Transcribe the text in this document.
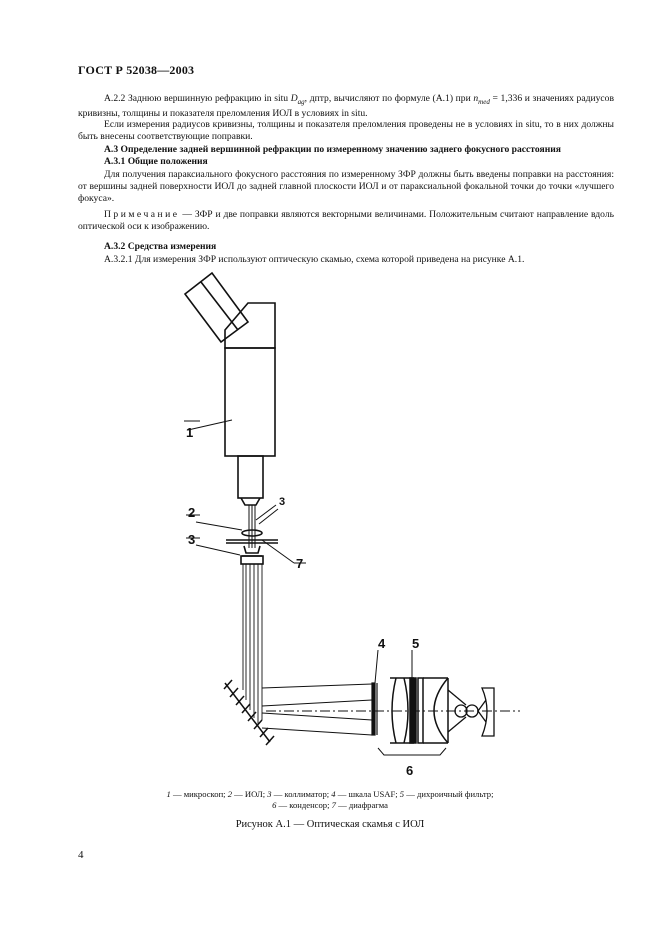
ГОСТ Р 52038—2003
А.2.2 Заднюю вершинную рефракцию in situ $D_{ag}$, дптр, вычисляют по формуле (А.1) при $n_{med} = 1,336$ и значениях радиусов кривизны, толщины и показателя преломления ИОЛ в условиях in situ.
Если измерения радиусов кривизны, толщины и показателя преломления проведены не в условиях in situ, то в них должны быть внесены соответствующие поправки.
А.3 Определение задней вершинной рефракции по измеренному значению заднего фокусного расстояния
А.3.1 Общие положения
Для получения параксиального фокусного расстояния по измеренному ЗФР должны быть введены поправки на расстояния: от вершины задней поверхности ИОЛ до задней главной плоскости ИОЛ и от параксиальной фокальной точки до точки «лучшего фокуса».
Примечание — ЗФР и две поправки являются векторными величинами. Положительным считают направление вдоль оптической оси к изображению.
А.3.2 Средства измерения
А.3.2.1 Для измерения ЗФР используют оптическую скамью, схема которой приведена на рисунке А.1.
1
2
3
3
7
4 5
6
1 — микроскоп; 2 — ИОЛ; 3 — коллиматор; 4 — шкала USAF; 5 — дихроичный фильтр;
6 — конденсор; 7 — диафрагма
Рисунок А.1 — Оптическая скамья с ИОЛ
4
